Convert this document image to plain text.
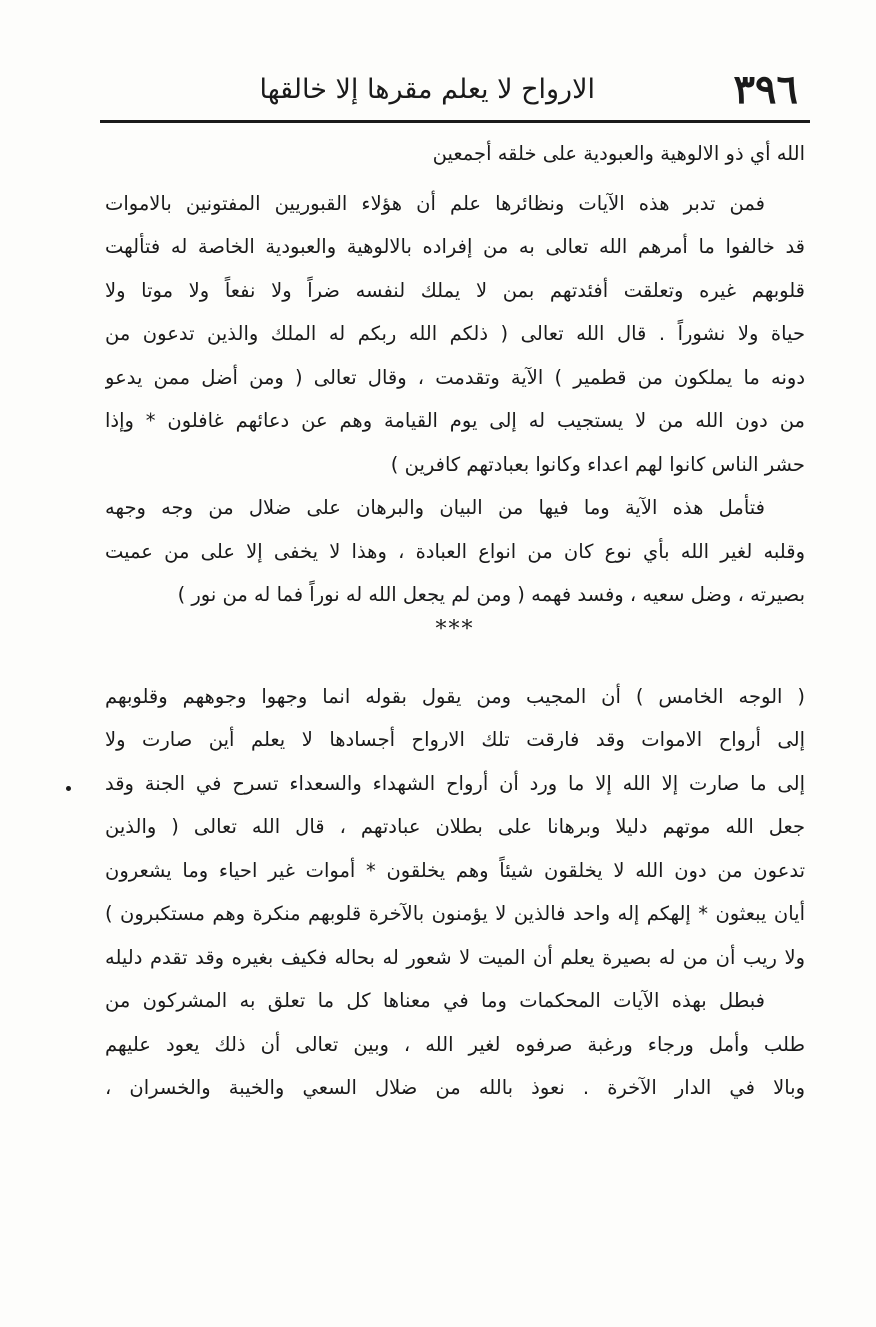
٣٩٦
الارواح لا يعلم مقرها إلا خالقها
الله أي ذو الالوهية والعبودية على خلقه أجمعين
فمن تدبر هذه الآيات ونظائرها علم أن هؤلاء القبوريين المفتونين بالاموات
قد خالفوا ما أمرهم الله تعالى به من إفراده بالالوهية والعبودية الخاصة له فتألهت
قلوبهم غيره وتعلقت أفئدتهم بمن لا يملك لنفسه ضراً ولا نفعاً ولا موتا ولا
حياة ولا نشوراً . قال الله تعالى ( ذلكم الله ربكم له الملك والذين تدعون من
دونه ما يملكون من قطمير ) الآية وتقدمت ، وقال تعالى ( ومن أضل ممن يدعو
من دون الله من لا يستجيب له إلى يوم القيامة وهم عن دعائهم غافلون * وإذا
حشر الناس كانوا لهم اعداء وكانوا بعبادتهم كافرين )
فتأمل هذه الآية وما فيها من البيان والبرهان على ضلال من وجه وجهه
وقلبه لغير الله بأي نوع كان من انواع العبادة ، وهذا لا يخفى إلا على من عميت
بصيرته ، وضل سعيه ، وفسد فهمه ( ومن لم يجعل الله له نوراً فما له من نور )
***
( الوجه الخامس ) أن المجيب ومن يقول بقوله انما وجهوا وجوههم وقلوبهم
إلى أرواح الاموات وقد فارقت تلك الارواح أجسادها لا يعلم أين صارت ولا
إلى ما صارت إلا الله إلا ما ورد أن أرواح الشهداء والسعداء تسرح في الجنة وقد
جعل الله موتهم دليلا وبرهانا على بطلان عبادتهم ، قال الله تعالى ( والذين
تدعون من دون الله لا يخلقون شيئاً وهم يخلقون * أموات غير احياء وما يشعرون
أيان يبعثون * إلهكم إله واحد فالذين لا يؤمنون بالآخرة قلوبهم منكرة وهم مستكبرون )
ولا ريب أن من له بصيرة يعلم أن الميت لا شعور له بحاله فكيف بغيره وقد تقدم دليله
فبطل بهذه الآيات المحكمات وما في معناها كل ما تعلق به المشركون من
طلب وأمل ورجاء ورغبة صرفوه لغير الله ، وبين تعالى أن ذلك يعود عليهم
وبالا في الدار الآخرة . نعوذ بالله من ضلال السعي والخيبة والخسران ،
